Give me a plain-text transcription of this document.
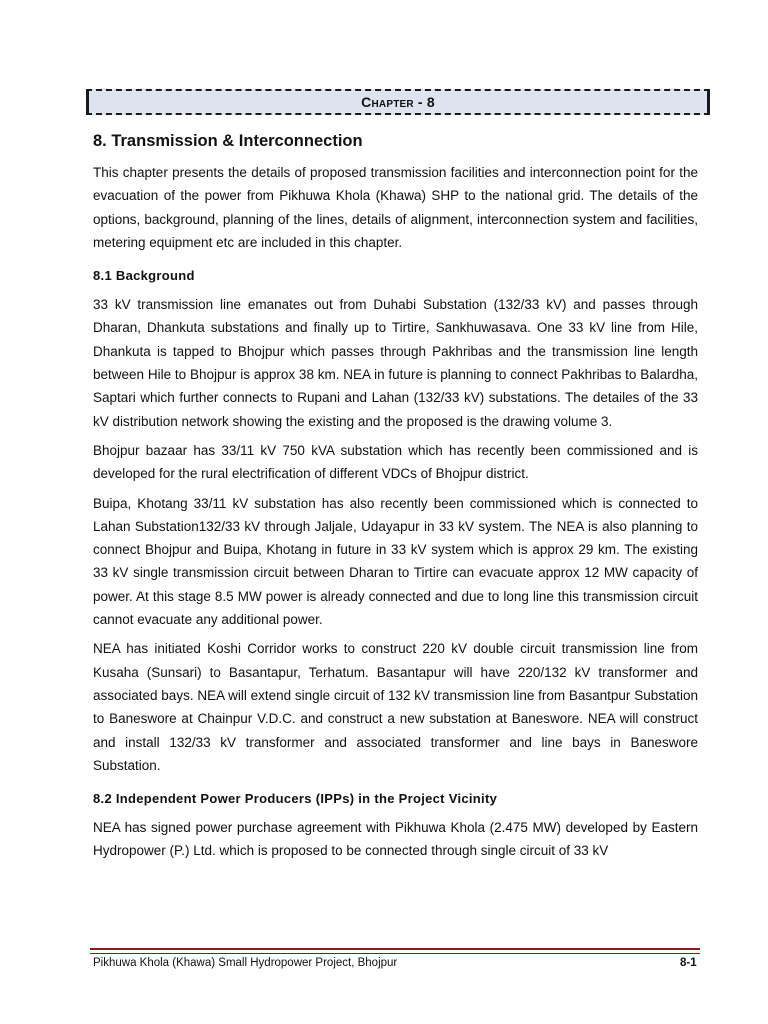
Chapter - 8
8. Transmission & Interconnection

This chapter presents the details of proposed transmission facilities and interconnection point for the evacuation of the power from Pikhuwa Khola (Khawa) SHP to the national grid. The details of the options, background, planning of the lines, details of alignment, interconnection system and facilities, metering equipment etc are included in this chapter.

8.1 Background

33 kV transmission line emanates out from Duhabi Substation (132/33 kV) and passes through Dharan, Dhankuta substations and finally up to Tirtire, Sankhuwasava. One 33 kV line from Hile, Dhankuta is tapped to Bhojpur which passes through Pakhribas and the transmission line length between Hile to Bhojpur is approx 38 km. NEA in future is planning to connect Pakhribas to Balardha, Saptari which further connects to Rupani and Lahan (132/33 kV) substations. The detailes of the 33 kV distribution network showing the existing and the proposed is the drawing volume 3.

Bhojpur bazaar has 33/11 kV 750 kVA substation which has recently been commissioned and is developed for the rural electrification of different VDCs of Bhojpur district.

Buipa, Khotang 33/11 kV substation has also recently been commissioned which is connected to Lahan Substation132/33 kV through Jaljale, Udayapur in 33 kV system. The NEA is also planning to connect Bhojpur and Buipa, Khotang in future in 33 kV system which is approx 29 km. The existing 33 kV single transmission circuit between Dharan to Tirtire can evacuate approx 12 MW capacity of power. At this stage 8.5 MW power is already connected and due to long line this transmission circuit cannot evacuate any additional power.

NEA has initiated Koshi Corridor works to construct 220 kV double circuit transmission line from Kusaha (Sunsari) to Basantapur, Terhatum. Basantapur will have 220/132 kV transformer and associated bays. NEA will extend single circuit of 132 kV transmission line from Basantpur Substation to Baneswore at Chainpur V.D.C. and construct a new substation at Baneswore. NEA will construct and install 132/33 kV transformer and associated transformer and line bays in Baneswore Substation.

8.2 Independent Power Producers (IPPs) in the Project Vicinity

NEA has signed power purchase agreement with Pikhuwa Khola (2.475 MW) developed by Eastern Hydropower (P.) Ltd. which is proposed to be connected through single circuit of 33 kV

Pikhuwa Khola (Khawa) Small Hydropower Project, Bhojpur	8-1
